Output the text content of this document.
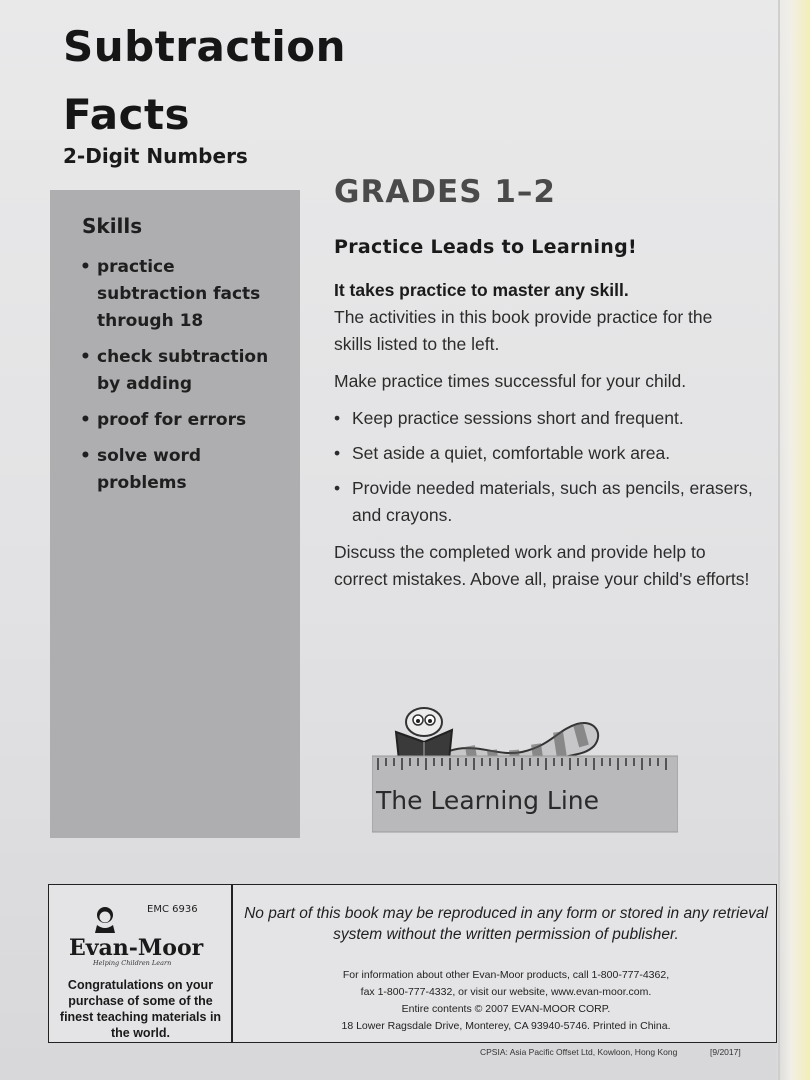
Subtraction
Facts
2-Digit Numbers
Skills
• practice subtraction facts through 18
• check subtraction by adding
• proof for errors
• solve word problems
GRADES 1–2
Practice Leads to Learning!

It takes practice to master any skill.
The activities in this book provide practice for the skills listed to the left.

Make practice times successful for your child.

• Keep practice sessions short and frequent.
• Set aside a quiet, comfortable work area.
• Provide needed materials, such as pencils, erasers, and crayons.

Discuss the completed work and provide help to correct mistakes. Above all, praise your child's efforts!

The Learning Line

EMC 6936

Evan-Moor
Helping Children Learn

Congratulations on your purchase of some of the finest teaching materials in the world.

No part of this book may be reproduced in any form or stored in any retrieval system without the written permission of publisher.

For information about other Evan-Moor products, call 1-800-777-4362,

fax 1-800-777-4332, or visit our website, www.evan-moor.com.

Entire contents © 2007 EVAN-MOOR CORP.

18 Lower Ragsdale Drive, Monterey, CA 93940-5746. Printed in China.

CPSIA: Asia Pacific Offset Ltd, Kowloon, Hong Kong	[9/2017]
